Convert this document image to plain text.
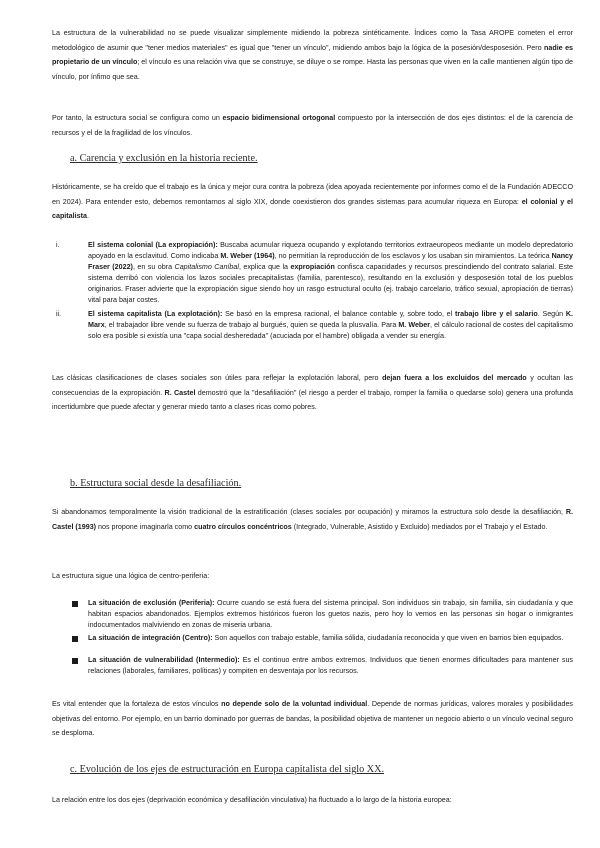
La estructura de la vulnerabilidad no se puede visualizar simplemente midiendo la pobreza sintéticamente. Índices como la Tasa AROPE cometen el error metodológico de asumir que "tener medios materiales" es igual que "tener un vínculo", midiendo ambos bajo la lógica de la posesión/desposesión. Pero nadie es propietario de un vínculo; el vínculo es una relación viva que se construye, se diluye o se rompe. Hasta las personas que viven en la calle mantienen algún tipo de vínculo, por ínfimo que sea.

Por tanto, la estructura social se configura como un espacio bidimensional ortogonal compuesto por la intersección de dos ejes distintos: el de la carencia de recursos y el de la fragilidad de los vínculos.

a. Carencia y exclusión en la historia reciente.

Históricamente, se ha creído que el trabajo es la única y mejor cura contra la pobreza (idea apoyada recientemente por informes como el de la Fundación ADECCO en 2024). Para entender esto, debemos remontarnos al siglo XIX, donde coexistieron dos grandes sistemas para acumular riqueza en Europa: el colonial y el capitalista.

i.	El sistema colonial (La expropiación): Buscaba acumular riqueza ocupando y explotando territorios extraeuropeos mediante un modelo depredatorio apoyado en la esclavitud. Como indicaba M. Weber (1964), no permitían la reproducción de los esclavos y los usaban sin miramientos. La teórica Nancy Fraser (2022), en su obra Capitalismo Caníbal, explica que la expropiación confisca capacidades y recursos prescindiendo del contrato salarial. Este sistema derribó con violencia los lazos sociales precapitalistas (familia, parentesco), resultando en la exclusión y desposesión total de los pueblos originarios. Fraser advierte que la expropiación sigue siendo hoy un rasgo estructural oculto (ej. trabajo carcelario, tráfico sexual, apropiación de tierras) vital para bajar costes.

ii.	El sistema capitalista (La explotación): Se basó en la empresa racional, el balance contable y, sobre todo, el trabajo libre y el salario. Según K. Marx, el trabajador libre vende su fuerza de trabajo al burgués, quien se queda la plusvalía. Para M. Weber, el cálculo racional de costes del capitalismo solo era posible si existía una "capa social desheredada" (acuciada por el hambre) obligada a vender su energía.

Las clásicas clasificaciones de clases sociales son útiles para reflejar la explotación laboral, pero dejan fuera a los excluidos del mercado y ocultan las consecuencias de la expropiación. R. Castel demostró que la "desafiliación" (el riesgo a perder el trabajo, romper la familia o quedarse solo) genera una profunda incertidumbre que puede afectar y generar miedo tanto a clases ricas como pobres.

b. Estructura social desde la desafiliación.

Si abandonamos temporalmente la visión tradicional de la estratificación (clases sociales por ocupación) y miramos la estructura solo desde la desafiliación, R. Castel (1993) nos propone imaginarla como cuatro círculos concéntricos (Integrado, Vulnerable, Asistido y Excluido) mediados por el Trabajo y el Estado.

La estructura sigue una lógica de centro-periferia:

La situación de exclusión (Periferia): Ocurre cuando se está fuera del sistema principal. Son individuos sin trabajo, sin familia, sin ciudadanía y que habitan espacios abandonados. Ejemplos extremos históricos fueron los guetos nazis, pero hoy lo vemos en las personas sin hogar o inmigrantes indocumentados malviviendo en zonas de miseria urbana.

La situación de integración (Centro): Son aquellos con trabajo estable, familia sólida, ciudadanía reconocida y que viven en barrios bien equipados.

La situación de vulnerabilidad (Intermedio): Es el continuo entre ambos extremos. Individuos que tienen enormes dificultades para mantener sus relaciones (laborales, familiares, políticas) y compiten en desventaja por los recursos.

Es vital entender que la fortaleza de estos vínculos no depende solo de la voluntad individual. Depende de normas jurídicas, valores morales y posibilidades objetivas del entorno. Por ejemplo, en un barrio dominado por guerras de bandas, la posibilidad objetiva de mantener un negocio abierto o un vínculo vecinal seguro se desploma.

c. Evolución de los ejes de estructuración en Europa capitalista del siglo XX.

La relación entre los dos ejes (deprivación económica y desafiliación vinculativa) ha fluctuado a lo largo de la historia europea:
